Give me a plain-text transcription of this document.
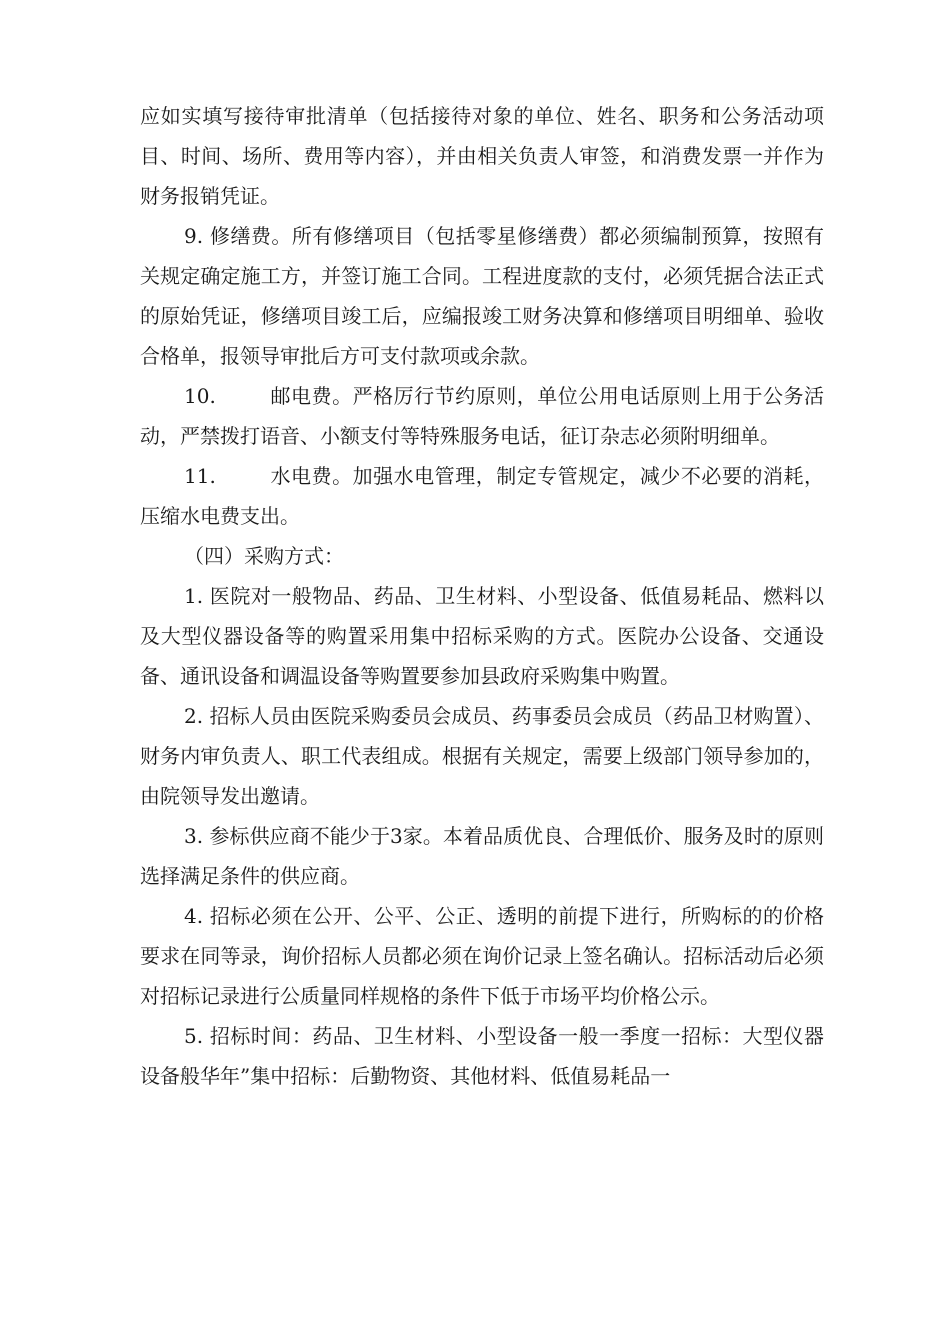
应如实填写接待审批清单（包括接待对象的单位、姓名、职务和公务活动项目、时间、场所、费用等内容），并由相关负责人审签，和消费发票一并作为财务报销凭证。

9. 修缮费。所有修缮项目（包括零星修缮费）都必须编制预算，按照有关规定确定施工方，并签订施工合同。工程进度款的支付，必须凭据合法正式的原始凭证，修缮项目竣工后，应编报竣工财务决算和修缮项目明细单、验收合格单，报领导审批后方可支付款项或余款。

10.	邮电费。严格厉行节约原则，单位公用电话原则上用于公务活动，严禁拨打语音、小额支付等特殊服务电话，征订杂志必须附明细单。

11.	水电费。加强水电管理，制定专管规定，减少不必要的消耗，压缩水电费支出。

（四）采购方式：

1. 医院对一般物品、药品、卫生材料、小型设备、低值易耗品、燃料以及大型仪器设备等的购置采用集中招标采购的方式。医院办公设备、交通设备、通讯设备和调温设备等购置要参加县政府采购集中购置。

2. 招标人员由医院采购委员会成员、药事委员会成员（药品卫材购置）、财务内审负责人、职工代表组成。根据有关规定，需要上级部门领导参加的，由院领导发出邀请。

3. 参标供应商不能少于3家。本着品质优良、合理低价、服务及时的原则选择满足条件的供应商。

4. 招标必须在公开、公平、公正、透明的前提下进行，所购标的的价格要求在同等录，询价招标人员都必须在询价记录上签名确认。招标活动后必须对招标记录进行公质量同样规格的条件下低于市场平均价格公示。

5. 招标时间：药品、卫生材料、小型设备一般一季度一招标：大型仪器设备般华年”集中招标：后勤物资、其他材料、低值易耗品一
